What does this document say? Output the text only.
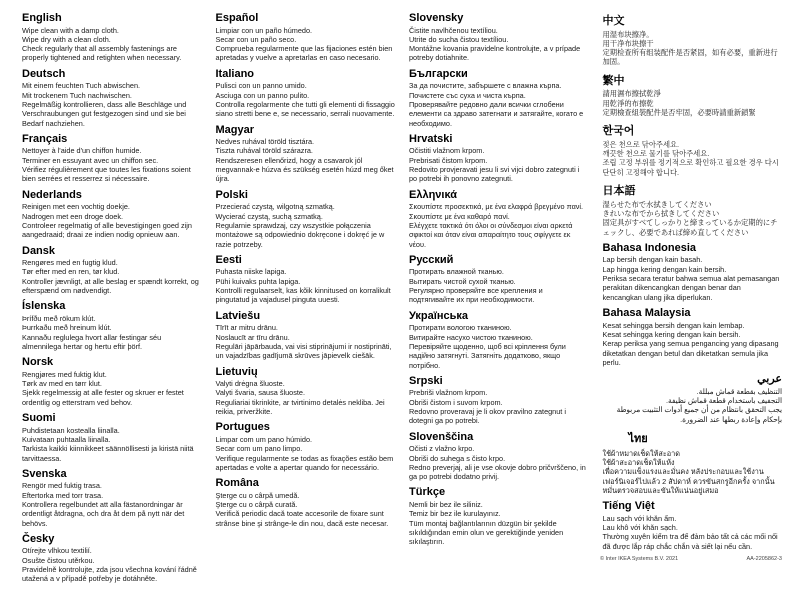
English

Wipe clean with a damp cloth.

Wipe dry with a clean cloth.

Check regularly that all assembly fastenings are properly tightened and retighten when necessary.

Deutsch

Mit einem feuchten Tuch abwischen.

Mit trockenem Tuch nachwischen.

Regelmäßig kontrollieren, dass alle Beschläge und Verschraubungen gut festgezogen sind und sie bei Bedarf nachziehen.

Français

Nettoyer à l'aide d'un chiffon humide.

Terminer en essuyant avec un chiffon sec.

Vérifiez régulièrement que toutes les fixations soient bien serrées et resserrez si nécessaire.

Nederlands

Reinigen met een vochtig doekje.

Nadrogen met een droge doek.

Controleer regelmatig of alle bevestigingen goed zijn aangedraaid; draai ze indien nodig opnieuw aan.

Dansk

Rengøres med en fugtig klud.

Tør efter med en ren, tør klud.

Kontroller jævnligt, at alle beslag er spændt korrekt, og efterspænd om nødvendigt.

Íslenska

Þrífðu með rökum klút.

Þurrkaðu með hreinum klút.

Kannaðu reglulega hvort allar festingar séu almennilega hertar og hertu eftir þörf.

Norsk

Rengjøres med fuktig klut.

Tørk av med en tørr klut.

Sjekk regelmessig at alle fester og skruer er festet ordentlig og etterstram ved behov.

Suomi

Puhdistetaan kostealla liinalla.

Kuivataan puhtaalla liinalla.

Tarkista kaikki kiinnikkeet säännöllisesti ja kiristä niitä tarvittaessa.

Svenska

Rengör med fuktig trasa.

Eftertorka med torr trasa.

Kontrollera regelbundet att alla fästanordningar är ordentligt åtdragna, och dra åt dem på nytt när det behövs.

Česky

Otírejte vlhkou textilií.

Osušte čistou utěrkou.

Pravidelně kontrolujte, zda jsou všechna kování řádně utažená a v případě potřeby je dotáhněte.

Español

Limpiar con un paño húmedo.

Secar con un paño seco.

Comprueba regularmente que las fijaciones estén bien apretadas y vuelve a apretarlas en caso necesario.

Italiano

Pulisci con un panno umido.

Asciuga con un panno pulito.

Controlla regolarmente che tutti gli elementi di fissaggio siano stretti bene e, se necessario, serrali nuovamente.

Magyar

Nedves ruhával töröld tisztára.

Tiszta ruhával töröld szárazra.

Rendszeresen ellenőrizd, hogy a csavarok jól megvannak-e húzva és szükség esetén húzd meg őket újra.

Polski

Przecierać czystą, wilgotną szmatką.

Wycierać czystą, suchą szmatką.

Regularnie sprawdzaj, czy wszystkie połączenia montażowe są odpowiednio dokręcone i dokręć je w razie potrzeby.

Eesti

Puhasta niiske lapiga.

Pühi kuivaks puhta lapiga.

Kontrolli regulaarselt, kas kõik kinnitused on korralikult pingutatud ja vajadusel pinguta uuesti.

Latviešu

Tīrīt ar mitru drānu.

Noslaucīt ar tīru drānu.

Regulāri jāpārbauda, vai visi stiprinājumi ir nostiprināti, un vajadzības gadījumā skrūves jāpievelk ciešāk.

Lietuvių

Valyti drėgna šluoste.

Valyti švaria, sausa šluoste.

Reguliariai tikrinkite, ar tvirtinimo detalės nekliba. Jei reikia, priveržkite.

Portugues

Limpar com um pano húmido.

Secar com um pano limpo.

Verifique regularmente se todas as fixações estão bem apertadas e volte a apertar quando for necessário.

Româna

Şterge cu o cârpă umedă.

Şterge cu o cârpă curată.

Verifică periodic dacă toate accesorile de fixare sunt strânse bine şi strânge-le din nou, dacă este necesar.

Slovensky

Čistite navlhčenou textíliou.

Utrite do sucha čistou textíliou.

Montážne kovania pravidelne kontrolujte, a v prípade potreby dotiahnite.

Български

За да почистите, забършете с влажна кърпа.

Почистете със суха и чиста кърпа.

Проверявайте редовно дали всички сглобени елементи са здраво затегнати и затягайте, когато е необходимо.

Hrvatski

Očistiti vlažnom krpom.

Prebrisati čistom krpom.

Redovito provjeravati jesu li svi vijci dobro zategnuti i po potrebi ih ponovno zategnuti.

Ελληνικά

Σκουπίστε προσεκτικά, με ένα ελαφρά βρεγμένο πανί.

Σκουπίστε με ένα καθαρό πανί.

Ελέγχετε τακτικά ότι όλοι οι σύνδεσμοι είναι αρκετά σφικτοί και όταν είναι απαραίτητο τους σφίγγετε εκ νέου.

Русский

Протирать влажной тканью.

Вытирать чистой сухой тканью.

Регулярно проверяйте все крепления и подтягивайте их при необходимости.

Українська

Протирати вологою тканиною.

Витирайте насухо чистою тканиною.

Перевіряйте щоденно, щоб всі кріплення були надійно затягнуті. Затягніть додатково, якщо потрібно.

Srpski

Prebriši vlažnom krpom.

Obriši čistom i suvom krpom.

Redovno proveravaj je li okov pravilno zategnut i dotegni ga po potrebi.

Slovenščina

Očisti z vlažno krpo.

Obriši do suhega s čisto krpo.

Redno preverjaj, ali je vse okovje dobro pričvrščeno, in ga po potrebi dodatno privij.

Türkçe

Nemli bir bez ile siliniz.

Temiz bir bez ile kurulayınız.

Tüm montaj bağlantılarının düzgün bir şekilde sıkıldığından emin olun ve gerektiğinde yeniden sıkılaştırın.

中文

用湿布块擦净。

用干净布块擦干

定期检查所有组装配件是否紧固，如有必要，重新进行加固。

繁中

請用濕布擦拭乾淨

用乾淨的布擦乾

定期檢查組裝配件是否牢固，必要時請重新鎖緊

한국어

젖은 천으로 닦아주세요.

깨끗한 천으로 물기를 닦아주세요.

조립 고정 부위를 정기적으로 확인하고 필요한 경우 다시 단단히 고정해야 합니다.

日本語

湿らせた布で水拭きしてください

きれいな布でから拭きしてください

固定具がすべてしっかりと締まっているか定期的にチェックし、必要であれば締め直してください

Bahasa Indonesia

Lap bersih dengan kain basah.

Lap hingga kering dengan kain bersih.

Periksa secara teratur bahwa semua alat pemasangan perakitan dikencangkan dengan benar dan kencangkan ulang jika diperlukan.

Bahasa Malaysia

Kesat sehingga bersih dengan kain lembap.

Kesat sehingga kering dengan kain bersih.

Kerap periksa yang semua pengancing yang dipasang diketatkan dengan betul dan diketatkan semula jika perlu.

عربي

التنظيف بقطعة قماش مبللة.

التجفيف باستخدام قطعة قماش نظيفة.

يجب التحقق بانتظام من أن جميع أدوات التثبيت مربوطة بإحكام وإعادة ربطها عند الضرورة.

ไทย

ใช้ผ้าหมาดเช็ดให้สะอาด

ใช้ผ้าสะอาดเช็ดให้แห้ง

เพื่อความแข็งแรงและมั่นคง หลังประกอบและใช้งานเฟอร์นิเจอร์ไปแล้ว 2 สัปดาห์ ควรขันสกรูอีกครั้ง จากนั้นหมั่นตรวจสอบและขันให้แน่นอยู่เสมอ

Tiếng Việt

Lau sạch với khăn ẩm.

Lau khô với khăn sạch.

Thường xuyên kiểm tra để đảm bảo tất cả các mối nối đã được lắp ráp chắc chắn và siết lại nếu cần.

© Inter IKEA Systems B.V. 2021	AA-2205862-3
